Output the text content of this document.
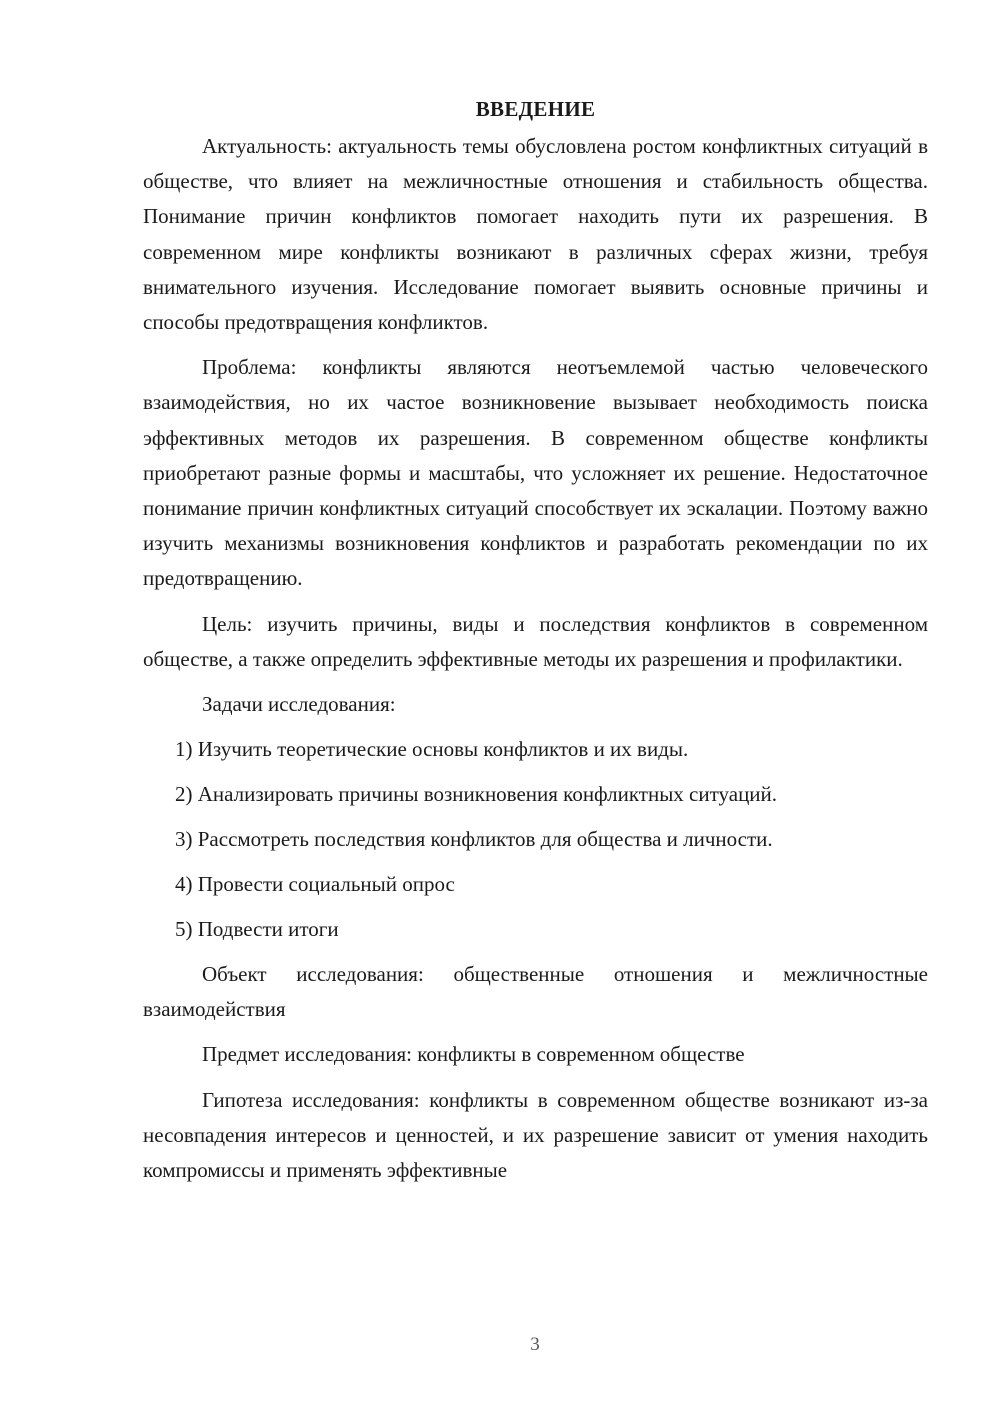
ВВЕДЕНИЕ

Актуальность: актуальность темы обусловлена ростом конфликтных ситуаций в обществе, что влияет на межличностные отношения и стабильность общества. Понимание причин конфликтов помогает находить пути их разрешения. В современном мире конфликты возникают в различных сферах жизни, требуя внимательного изучения. Исследование помогает выявить основные причины и способы предотвращения конфликтов.

Проблема: конфликты являются неотъемлемой частью человеческого взаимодействия, но их частое возникновение вызывает необходимость поиска эффективных методов их разрешения. В современном обществе конфликты приобретают разные формы и масштабы, что усложняет их решение. Недостаточное понимание причин конфликтных ситуаций способствует их эскалации. Поэтому важно изучить механизмы возникновения конфликтов и разработать рекомендации по их предотвращению.

Цель: изучить причины, виды и последствия конфликтов в современном обществе, а также определить эффективные методы их разрешения и профилактики.

Задачи исследования:

1) Изучить теоретические основы конфликтов и их виды.

2) Анализировать причины возникновения конфликтных ситуаций.

3) Рассмотреть последствия конфликтов для общества и личности.

4) Провести социальный опрос

5) Подвести итоги

Объект исследования: общественные отношения и межличностные взаимодействия

Предмет исследования: конфликты в современном обществе

Гипотеза исследования: конфликты в современном обществе возникают из-за несовпадения интересов и ценностей, и их разрешение зависит от умения находить компромиссы и применять эффективные

3
